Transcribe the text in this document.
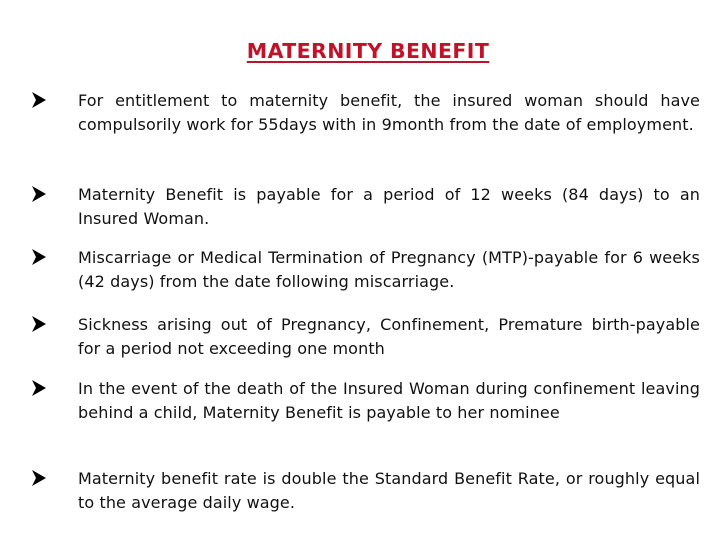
MATERNITY BENEFIT

For entitlement to maternity benefit, the insured woman should have compulsorily work for 55days with in 9month from the date of employment.

Maternity Benefit is payable for a period of 12 weeks (84 days) to an Insured Woman.

Miscarriage or Medical Termination of Pregnancy (MTP)-payable for 6 weeks (42 days) from the date following miscarriage.

Sickness arising out of Pregnancy, Confinement, Premature birth-payable for a period not exceeding one month

In the event of the death of the Insured Woman during confinement leaving behind a child, Maternity Benefit is payable to her nominee

Maternity benefit rate is double the Standard Benefit Rate, or roughly equal to the average daily wage.
